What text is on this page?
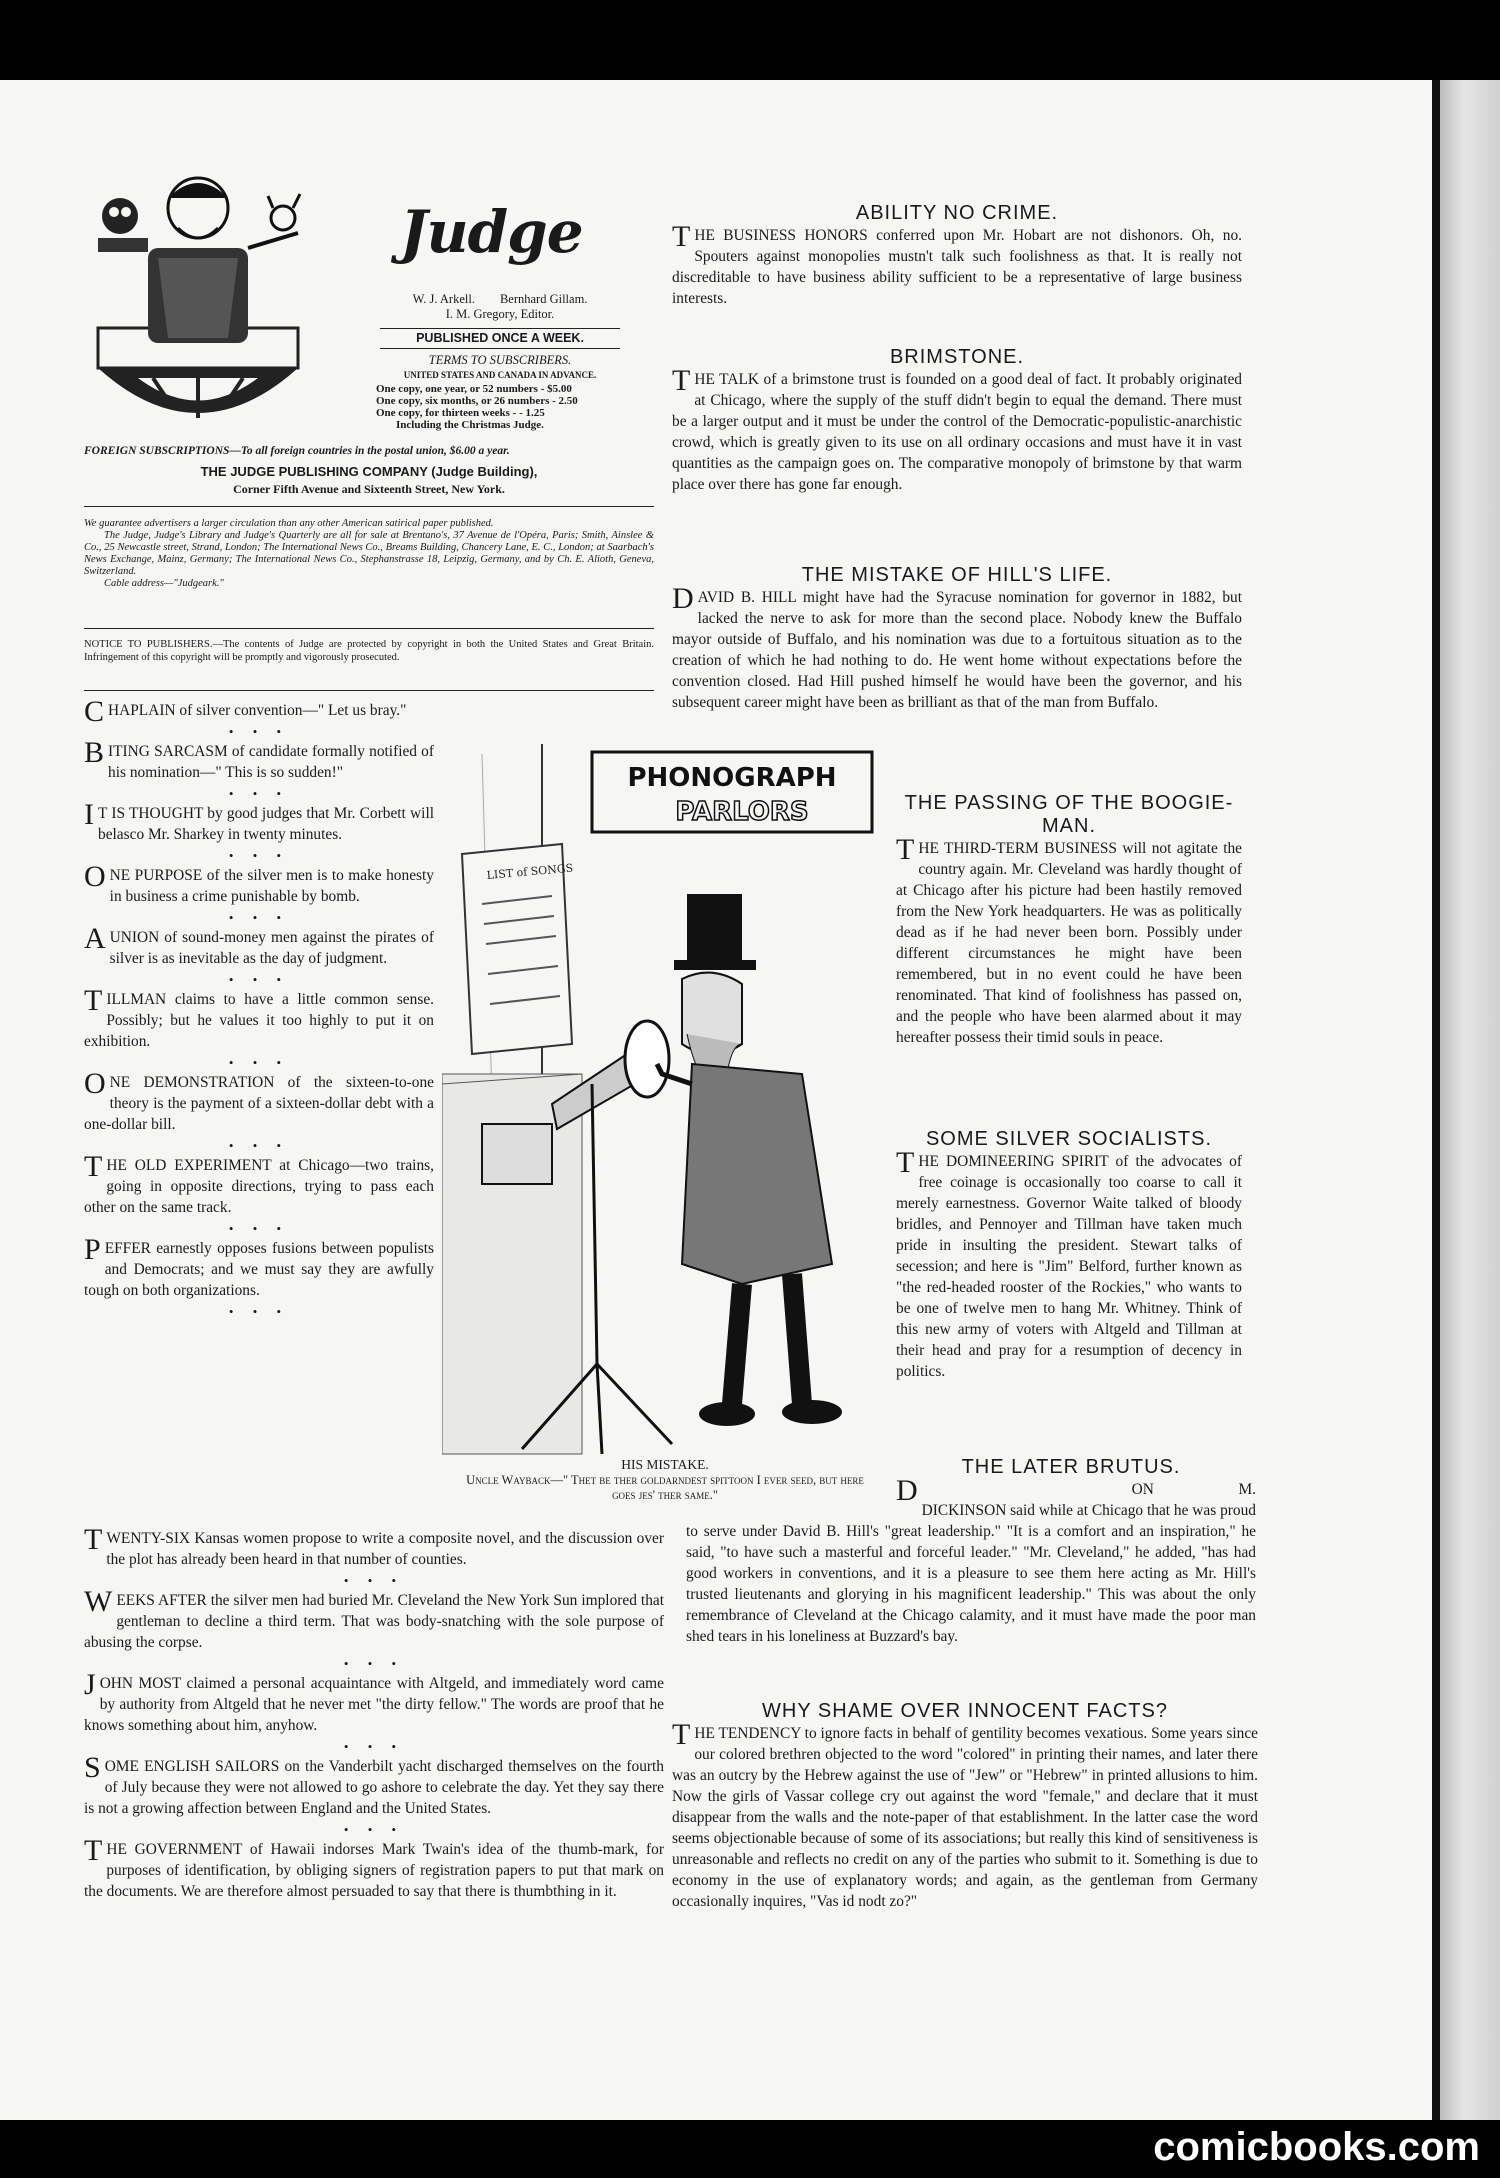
Judge
W. J. Arkell.        Bernhard Gillam.
I. M. Gregory, Editor.
PUBLISHED ONCE A WEEK.
TERMS TO SUBSCRIBERS.
UNITED STATES AND CANADA IN ADVANCE.
One copy, one year, or 52 numbers - $5.00
One copy, six months, or 26 numbers - 2.50
One copy, for thirteen weeks - - 1.25
Including the Christmas Judge.
FOREIGN SUBSCRIPTIONS—To all foreign countries in the postal union, $6.00 a year.
THE JUDGE PUBLISHING COMPANY (Judge Building),
Corner Fifth Avenue and Sixteenth Street, New York.
We guarantee advertisers a larger circulation than any other American satirical paper published.
The Judge, Judge's Library and Judge's Quarterly are all for sale at Brentano's, 37 Avenue de l'Opéra, Paris; Smith, Ainslee & Co., 25 Newcastle street, Strand, London; The International News Co., Breams Building, Chancery Lane, E. C., London; at Saarbach's News Exchange, Mainz, Germany; The International News Co., Stephanstrasse 18, Leipzig, Germany, and by Ch. E. Alioth, Geneva, Switzerland.
Cable address—"Judgeark."
NOTICE TO PUBLISHERS.—The contents of Judge are protected by copyright in both the United States and Great Britain. Infringement of this copyright will be promptly and vigorously prosecuted.
CHAPLAIN of silver convention—" Let us bray."
• • •
BITING SARCASM of candidate formally notified of his nomination—" This is so sudden!"
• • •
I T IS THOUGHT by good judges that Mr. Corbett will belasco Mr. Sharkey in twenty minutes.
• • •
ONE PURPOSE of the silver men is to make honesty in business a crime punishable by bomb.
• • •
A UNION of sound-money men against the pirates of silver is as inevitable as the day of judgment.
• • •
TILLMAN claims to have a little common sense. Possibly; but he values it too highly to put it on exhibition.
• • •
ONE DEMONSTRATION of the sixteen-to-one theory is the payment of a sixteen-dollar debt with a one-dollar bill.
• • •
THE OLD EXPERIMENT at Chicago—two trains, going in opposite directions, trying to pass each other on the same track.
• • •
PEFFER earnestly opposes fusions between populists and Democrats; and we must say they are awfully tough on both organizations.
• • •
TWENTY-SIX Kansas women propose to write a composite novel, and the discussion over the plot has already been heard in that number of counties.
• • •
WEEKS AFTER the silver men had buried Mr. Cleveland the New York Sun implored that gentleman to decline a third term. That was body-snatching with the sole purpose of abusing the corpse.
• • •
JOHN MOST claimed a personal acquaintance with Altgeld, and immediately word came by authority from Altgeld that he never met "the dirty fellow." The words are proof that he knows something about him, anyhow.
• • •
SOME ENGLISH SAILORS on the Vanderbilt yacht discharged themselves on the fourth of July because they were not allowed to go ashore to celebrate the day. Yet they say there is not a growing affection between England and the United States.
• • •
THE GOVERNMENT of Hawaii indorses Mark Twain's idea of the thumb-mark, for purposes of identification, by obliging signers of registration papers to put that mark on the documents. We are therefore almost persuaded to say that there is thumbthing in it.
PHONOGRAPH
PARLORS
LIST of SONGS
HIS MISTAKE.
Uncle Wayback—" Thet be ther goldarndest spittoon I ever seed, but here goes jes' ther same."
ABILITY NO CRIME.
THE BUSINESS HONORS conferred upon Mr. Hobart are not dishonors. Oh, no. Spouters against monopolies mustn't talk such foolishness as that. It is really not discreditable to have business ability sufficient to be a representative of large business interests.
BRIMSTONE.
THE TALK of a brimstone trust is founded on a good deal of fact. It probably originated at Chicago, where the supply of the stuff didn't begin to equal the demand. There must be a larger output and it must be under the control of the Democratic-populistic-anarchistic crowd, which is greatly given to its use on all ordinary occasions and must have it in vast quantities as the campaign goes on. The comparative monopoly of brimstone by that warm place over there has gone far enough.
THE MISTAKE OF HILL'S LIFE.
DAVID B. HILL might have had the Syracuse nomination for governor in 1882, but lacked the nerve to ask for more than the second place. Nobody knew the Buffalo mayor outside of Buffalo, and his nomination was due to a fortuitous situation as to the creation of which he had nothing to do. He went home without expectations before the convention closed. Had Hill pushed himself he would have been the governor, and his subsequent career might have been as brilliant as that of the man from Buffalo.
THE PASSING OF THE BOOGIE-MAN.
THE THIRD-TERM BUSINESS will not agitate the country again. Mr. Cleveland was hardly thought of at Chicago after his picture had been hastily removed from the New York headquarters. He was as politically dead as if he had never been born. Possibly under different circumstances he might have been remembered, but in no event could he have been renominated. That kind of foolishness has passed on, and the people who have been alarmed about it may hereafter possess their timid souls in peace.
SOME SILVER SOCIALISTS.
THE DOMINEERING SPIRIT of the advocates of free coinage is occasionally too coarse to call it merely earnestness. Governor Waite talked of bloody bridles, and Pennoyer and Tillman have taken much pride in insulting the president. Stewart talks of secession; and here is "Jim" Belford, further known as "the red-headed rooster of the Rockies," who wants to be one of twelve men to hang Mr. Whitney. Think of this new army of voters with Altgeld and Tillman at their head and pray for a resumption of decency in politics.
THE LATER BRUTUS.
D	ON M. DICKINSON said while at Chicago that he was proud to serve under David B. Hill's "great leadership." "It is a comfort and an inspiration," he said, "to have such a masterful and forceful leader." "Mr. Cleveland," he added, "has had good workers in conventions, and it is a pleasure to see them here acting as Mr. Hill's trusted lieutenants and glorying in his magnificent leadership." This was about the only remembrance of Cleveland at the Chicago calamity, and it must have made the poor man shed tears in his loneliness at Buzzard's bay.
WHY SHAME OVER INNOCENT FACTS?
THE TENDENCY to ignore facts in behalf of gentility becomes vexatious. Some years since our colored brethren objected to the word "colored" in printing their names, and later there was an outcry by the Hebrew against the use of "Jew" or "Hebrew" in printed allusions to him. Now the girls of Vassar college cry out against the word "female," and declare that it must disappear from the walls and the note-paper of that establishment. In the latter case the word seems objectionable because of some of its associations; but really this kind of sensitiveness is unreasonable and reflects no credit on any of the parties who submit to it. Something is due to economy in the use of explanatory words; and again, as the gentleman from Germany occasionally inquires, "Vas id nodt zo?"
comicbooks.com
